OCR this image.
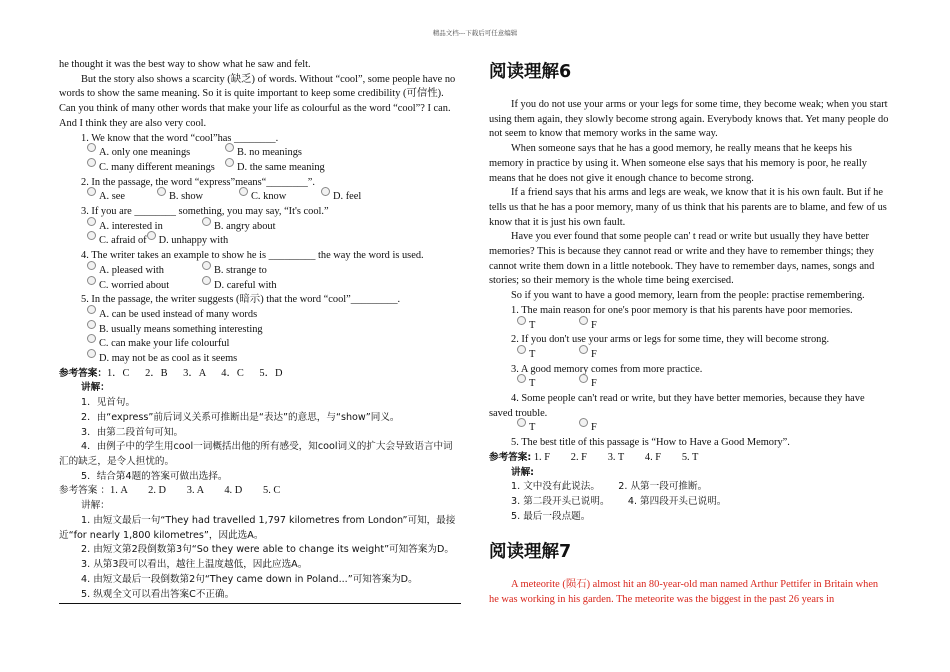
精品文档---下载后可任意编辑

he thought it was the best way to show what he saw and felt.

But the story also shows a scarcity (缺乏) of words. Without “cool”, some people have no words to show the same meaning. So it is quite important to keep some credibility (可信性). Can you think of many other words that make your life as colourful as the word “cool”? I can. And I think they are also very cool.

1. We know that the word “cool”has ________.

A. only one meanings	B. no meanings
C. many different meanings D. the same meaning

2. In the passage, the word “express”means“________”.

A. see	B. show	C. know	D. feel

3. If you are ________ something, you may say, “It's cool.”

A. interested in	B. angry about
C. afraid of D. unhappy with

4. The writer takes an example to show he is _________ the way the word is used.

A. pleased with	B. strange to
C. worried about	D. careful with

5. In the passage, the writer suggests (暗示) that the word “cool”_________.

A. can be used instead of many words
B. usually means something interesting
C. can make your life colourful
D. may not be as cool as it seems

参考答案：1．C      2．B      3．A      4．C      5．D

讲解：

1．见首句。

2．由“express”前后词义关系可推断出是“表达”的意思，与“show”同义。

3．由第二段首句可知。

4．由例子中的学生用cool一词概括出他的所有感受，知cool词义的扩大会导致语言中词汇的缺乏，是令人担忧的。

5．结合第4题的答案可做出选择。

参考答案 ：1. A        2. D        3. A        4. D        5. C

讲解：

1. 由短文最后一句“They had travelled 1,797 kilometres from London”可知，最接近“for nearly 1,800 kilometres”，因此选A。

2. 由短文第2段倒数第3句“So they were able to change its weight”可知答案为D。

3. 从第3段可以看出，越往上温度越低，因此应选A。

4. 由短文最后一段倒数第2句“They came down in Poland...”可知答案为D。

5. 纵观全文可以看出答案C不正确。

阅读理解6

If you do not use your arms or your legs for some time, they become weak; when you start using them again, they slowly become strong again. Everybody knows that. Yet many people do not seem to know that memory works in the same way.

When someone says that he has a good memory, he really means that he keeps his memory in practice by using it. When someone else says that his memory is poor, he really means that he does not give it enough chance to become strong.

If a friend says that his arms and legs are weak, we know that it is his own fault. But if he tells us that he has a poor memory, many of us think that his parents are to blame, and few of us know that it is just his own fault.

Have you ever found that some people can' t read or write but usually they have better memories? This is because they cannot read or write and they have to remember things; they cannot write them down in a little notebook. They have to remember days, names, songs and stories; so their memory is the whole time being exercised.

So if you want to have a good memory, learn from the people: practise remembering.

1. The main reason for one's poor memory is that his parents have poor memories.

T	F

2. If you don't use your arms or legs for some time, they will become strong.

T	F

3. A good memory comes from more practice.

T	F

4. Some people can't read or write, but they have better memories, because they have saved trouble.

T	F

5. The best title of this passage is “How to Have a Good Memory”.

参考答案: 1. F        2. F        3. T        4. F        5. T

讲解:

1. 文中没有此说法。      2. 从第一段可推断。

3. 第二段开头已说明。      4. 第四段开头已说明。

5. 最后一段点题。

阅读理解7

A meteorite (陨石) almost hit an 80-year-old man named Arthur Pettifer in Britain when he was working in his garden. The meteorite was the biggest in the past 26 years in
